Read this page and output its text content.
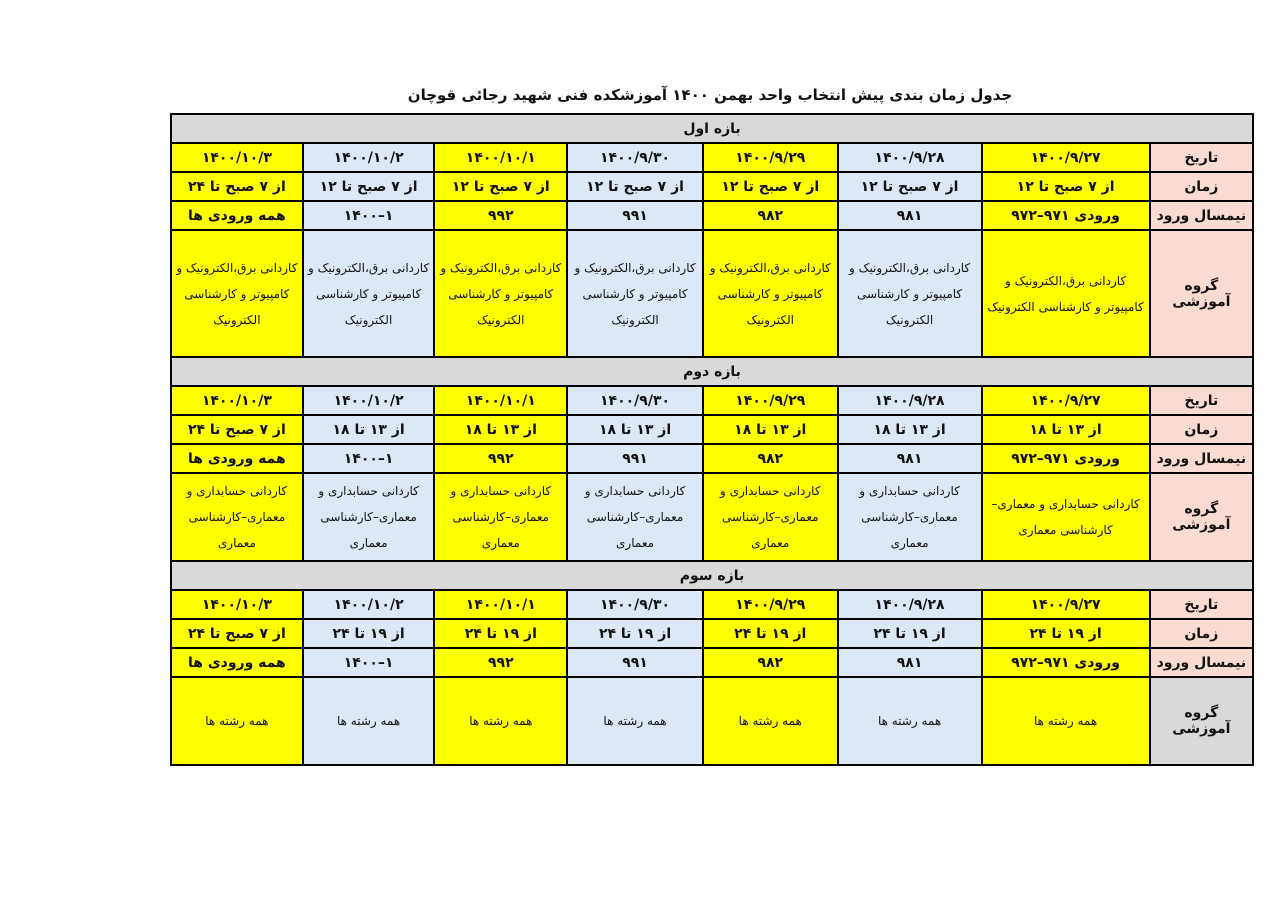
جدول زمان بندی پیش انتخاب واحد بهمن ۱۴۰۰ آموزشکده فنی شهید رجائی قوچان
بازه اول							
تاریخ	۱۴۰۰/۹/۲۷	۱۴۰۰/۹/۲۸	۱۴۰۰/۹/۲۹	۱۴۰۰/۹/۳۰	۱۴۰۰/۱۰/۱	۱۴۰۰/۱۰/۲	۱۴۰۰/۱۰/۳
زمان	از ۷ صبح تا ۱۲	از ۷ صبح تا ۱۲	از ۷ صبح تا ۱۲	از ۷ صبح تا ۱۲	از ۷ صبح تا ۱۲	از ۷ صبح تا ۱۲	از ۷ صبح تا ۲۴
نیمسال ورود	ورودی ۹۷۱–۹۷۲	۹۸۱	۹۸۲	۹۹۱	۹۹۲	۱–۱۴۰۰	همه ورودی ها
گروه آموزشی	کاردانی برق،الکترونیک و کامپیوتر و کارشناسی الکترونیک	کاردانی برق،الکترونیک و کامپیوتر و کارشناسی الکترونیک	کاردانی برق،الکترونیک و کامپیوتر و کارشناسی الکترونیک	کاردانی برق،الکترونیک و کامپیوتر و کارشناسی الکترونیک	کاردانی برق،الکترونیک و کامپیوتر و کارشناسی الکترونیک	کاردانی برق،الکترونیک و کامپیوتر و کارشناسی الکترونیک	کاردانی برق،الکترونیک و کامپیوتر و کارشناسی الکترونیک
بازه دوم							
تاریخ	۱۴۰۰/۹/۲۷	۱۴۰۰/۹/۲۸	۱۴۰۰/۹/۲۹	۱۴۰۰/۹/۳۰	۱۴۰۰/۱۰/۱	۱۴۰۰/۱۰/۲	۱۴۰۰/۱۰/۳
زمان	از ۱۳ تا ۱۸	از ۱۳ تا ۱۸	از ۱۳ تا ۱۸	از ۱۳ تا ۱۸	از ۱۳ تا ۱۸	از ۱۳ تا ۱۸	از ۷ صبح تا ۲۴
نیمسال ورود	ورودی ۹۷۱–۹۷۲	۹۸۱	۹۸۲	۹۹۱	۹۹۲	۱–۱۴۰۰	همه ورودی ها
گروه آموزشی	کاردانی حسابداری و معماری– کارشناسی معماری	کاردانی حسابداری و معماری–کارشناسی معماری	کاردانی حسابداری و معماری–کارشناسی معماری	کاردانی حسابداری و معماری–کارشناسی معماری	کاردانی حسابداری و معماری–کارشناسی معماری	کاردانی حسابداری و معماری–کارشناسی معماری	کاردانی حسابداری و معماری–کارشناسی معماری
بازه سوم							
تاریخ	۱۴۰۰/۹/۲۷	۱۴۰۰/۹/۲۸	۱۴۰۰/۹/۲۹	۱۴۰۰/۹/۳۰	۱۴۰۰/۱۰/۱	۱۴۰۰/۱۰/۲	۱۴۰۰/۱۰/۳
زمان	از ۱۹ تا ۲۴	از ۱۹ تا ۲۴	از ۱۹ تا ۲۴	از ۱۹ تا ۲۴	از ۱۹ تا ۲۴	از ۱۹ تا ۲۴	از ۷ صبح تا ۲۴
نیمسال ورود	ورودی ۹۷۱–۹۷۲	۹۸۱	۹۸۲	۹۹۱	۹۹۲	۱–۱۴۰۰	همه ورودی ها
گروه آموزشی	همه رشته ها	همه رشته ها	همه رشته ها	همه رشته ها	همه رشته ها	همه رشته ها	همه رشته ها
